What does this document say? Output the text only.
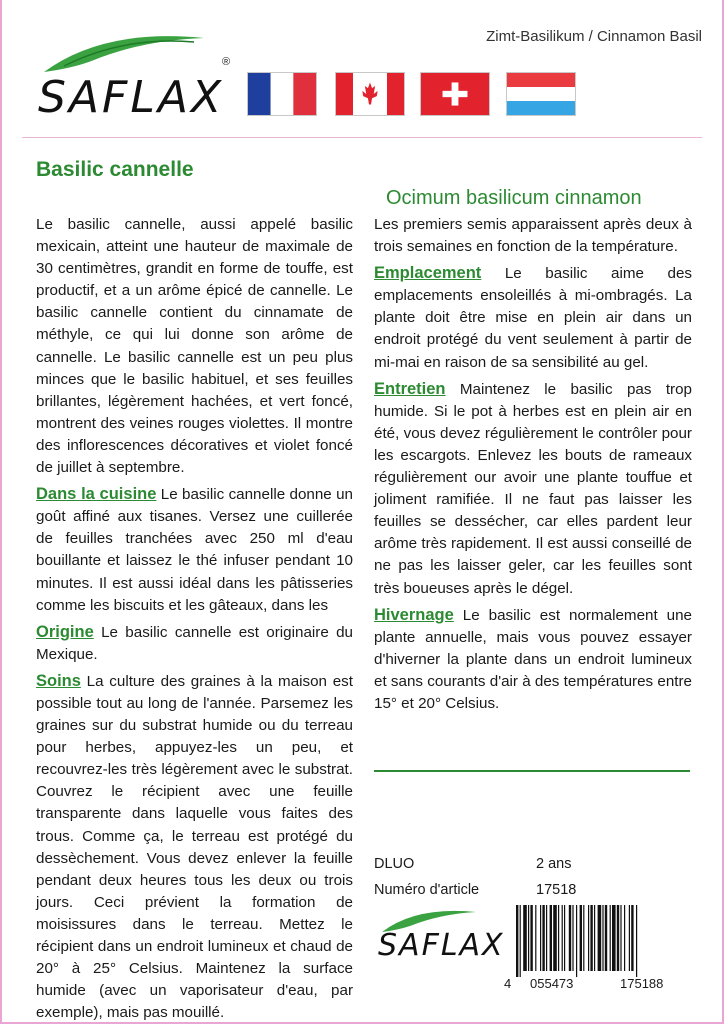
SAFLAX
®
Zimt-Basilikum / Cinnamon Basil
Basilic cannelle
Ocimum basilicum cinnamon

Le basilic cannelle, aussi appelé basilic mexicain, atteint une hauteur de maximale de 30 centimètres, grandit en forme de touffe, est productif, et a un arôme épicé de cannelle. Le basilic cannelle contient du cinnamate de méthyle, ce qui lui donne son arôme de cannelle. Le basilic cannelle est un peu plus minces que le basilic habituel, et ses feuilles brillantes, légèrement hachées, et vert foncé, montrent des veines rouges violettes. Il montre des inflorescences décoratives et violet foncé de juillet à septembre.

Dans la cuisine Le basilic cannelle donne un goût affiné aux tisanes. Versez une cuillerée de feuilles tranchées avec 250 ml d'eau bouillante et laissez le thé infuser pendant 10 minutes. Il est aussi idéal dans les pâtisseries comme les biscuits et les gâteaux, dans les

Origine Le basilic cannelle est originaire du Mexique.

Soins La culture des graines à la maison est possible tout au long de l'année. Parsemez les graines sur du substrat humide ou du terreau pour herbes, appuyez-les un peu, et recouvrez-les très légèrement avec le substrat. Couvrez le récipient avec une feuille transparente dans laquelle vous faites des trous. Comme ça, le terreau est protégé du dessèchement. Vous devez enlever la feuille pendant deux heures tous les deux ou trois jours. Ceci prévient la formation de moisissures dans le terreau. Mettez le récipient dans un endroit lumineux et chaud de 20° à 25° Celsius. Maintenez la surface humide (avec un vaporisateur d'eau, par exemple), mais pas mouillé.

Les premiers semis apparaissent après deux à trois semaines en fonction de la température.

Emplacement Le basilic aime des emplacements ensoleillés à mi-ombragés. La plante doit être mise en plein air dans un endroit protégé du vent seulement à partir de mi-mai en raison de sa sensibilité au gel.

Entretien Maintenez le basilic pas trop humide. Si le pot à herbes est en plein air en été, vous devez régulièrement le contrôler pour les escargots. Enlevez les bouts de rameaux régulièrement our avoir une plante touffue et joliment ramifiée. Il ne faut pas laisser les feuilles se dessécher, car elles pardent leur arôme très rapidement. Il est aussi conseillé de ne pas les laisser geler, car les feuilles sont très boueuses après le dégel.

Hivernage Le basilic est normalement une plante annuelle, mais vous pouvez essayer d'hiverner la plante dans un endroit lumineux et sans courants d'air à des températures entre 15° et 20° Celsius.

DLUO	2 ans
Numéro d'article	17518
SAFLAX
4 055473	175188
